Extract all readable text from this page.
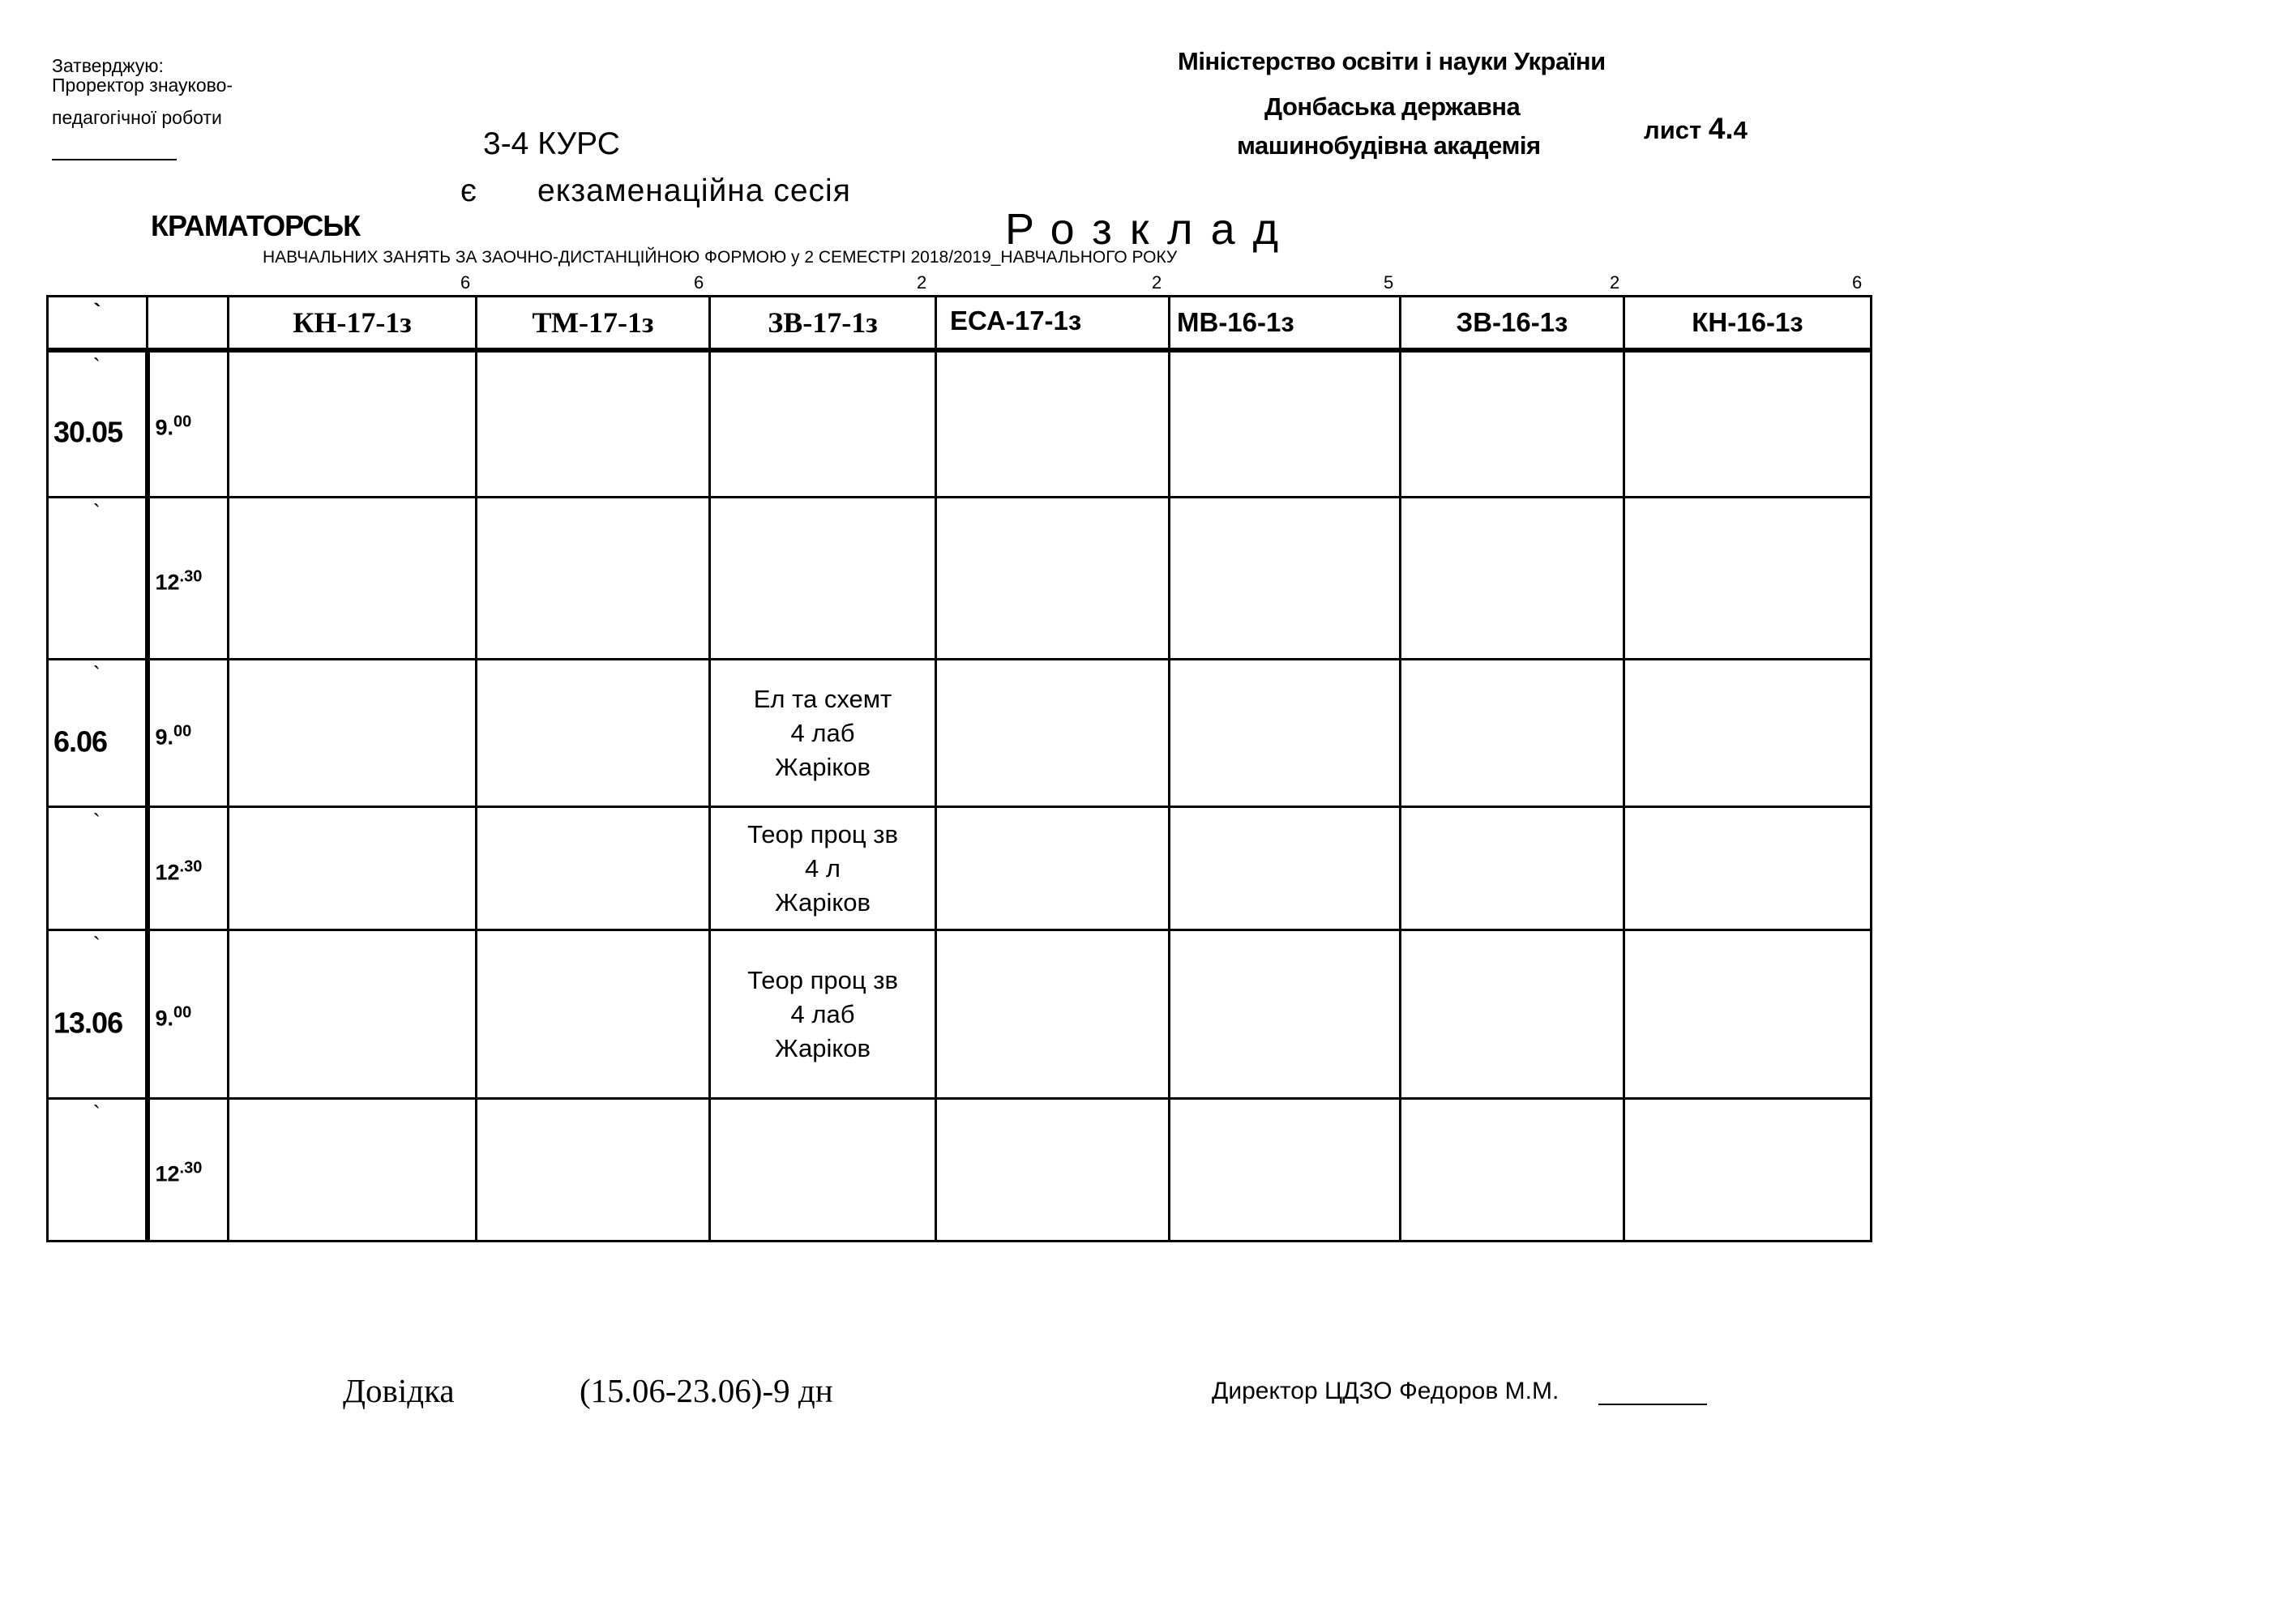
Затверджую:
Проректор знауково-
педагогічної роботи
3-4 КУРС
є екзаменаційна сесія
КРАМАТОРСЬК
Міністерство освіти і науки України
Донбаська державна
машинобудівна академія
лист 4.4
Розклад
НАВЧАЛЬНИХ ЗАНЯТЬ ЗА ЗАОЧНО-ДИСТАНЦІЙНОЮ ФОРМОЮ у 2 СЕМЕСТРІ 2018/2019_НАВЧАЛЬНОГО РОКУ
6	6	2	2	5	2	6
`		КН-17-1з	ТМ-17-1з	ЗВ-17-1з	ЕСА-17-1з	МВ-16-1з	ЗВ-16-1з	КН-16-1з

`
30.05	9.00

`	$12^{.30}$

`
6.06	9.00			Ел та схемт
4 лаб
Жаріков				

`	$12^{.30}$			Теор проц зв
4 л
Жаріков				

`
13.06	9.00			Теор проц зв
4 лаб
Жаріков				

`	$12^{.30}$

Довідка	(15.06-23.06)-9 дн	Директор ЦДЗО Федоров М.М.
